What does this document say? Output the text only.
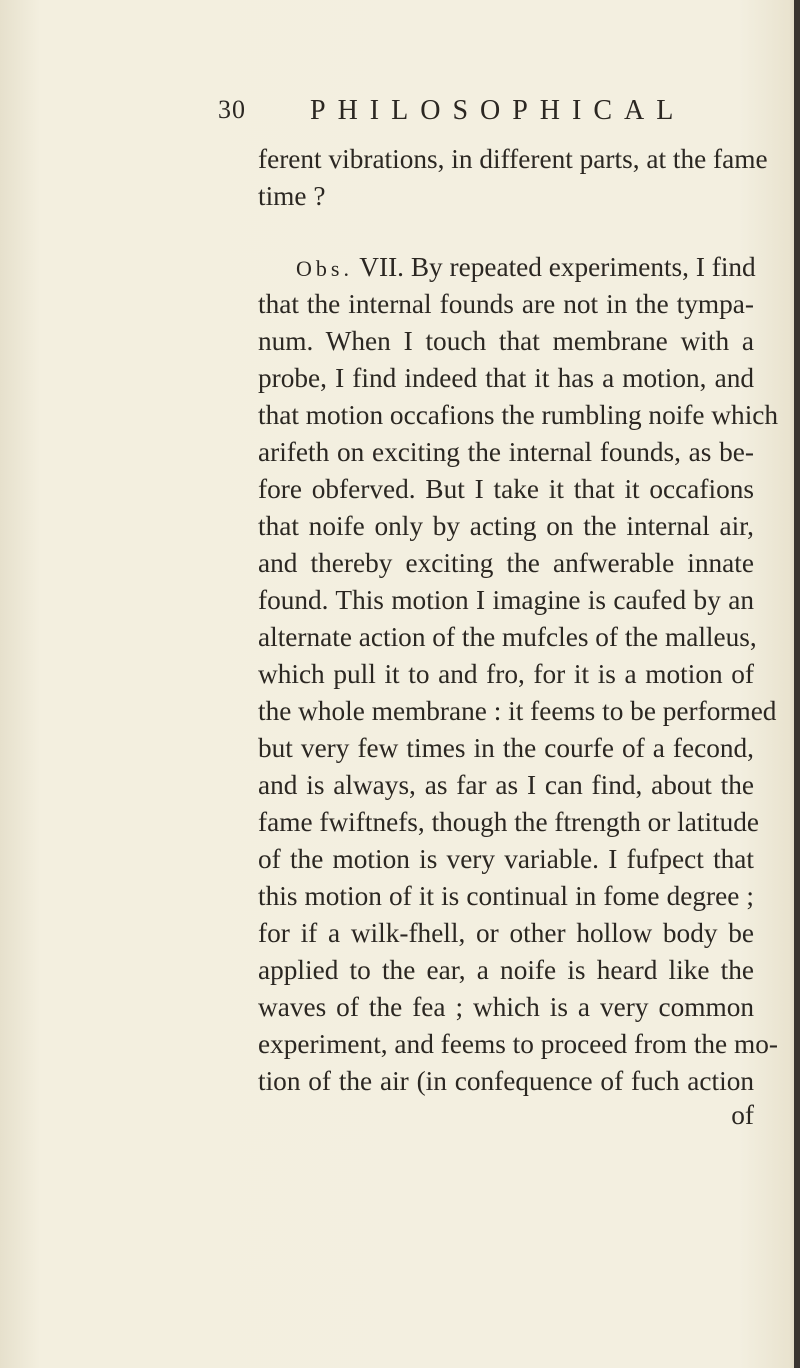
30 PHILOSOPHICAL
ferent vibrations, in different parts, at the fame
time ?
Obs. VII. By repeated experiments, I find
that the internal founds are not in the tympa-
num. When I touch that membrane with a
probe, I find indeed that it has a motion, and
that motion occafions the rumbling noife which
arifeth on exciting the internal founds, as be-
fore obferved. But I take it that it occafions
that noife only by acting on the internal air,
and thereby exciting the anfwerable innate
found. This motion I imagine is caufed by an
alternate action of the mufcles of the malleus,
which pull it to and fro, for it is a motion of
the whole membrane : it feems to be performed
but very few times in the courfe of a fecond,
and is always, as far as I can find, about the
fame fwiftnefs, though the ftrength or latitude
of the motion is very variable. I fufpect that
this motion of it is continual in fome degree ;
for if a wilk-fhell, or other hollow body be
applied to the ear, a noife is heard like the
waves of the fea ; which is a very common
experiment, and feems to proceed from the mo-
tion of the air (in confequence of fuch action
of
